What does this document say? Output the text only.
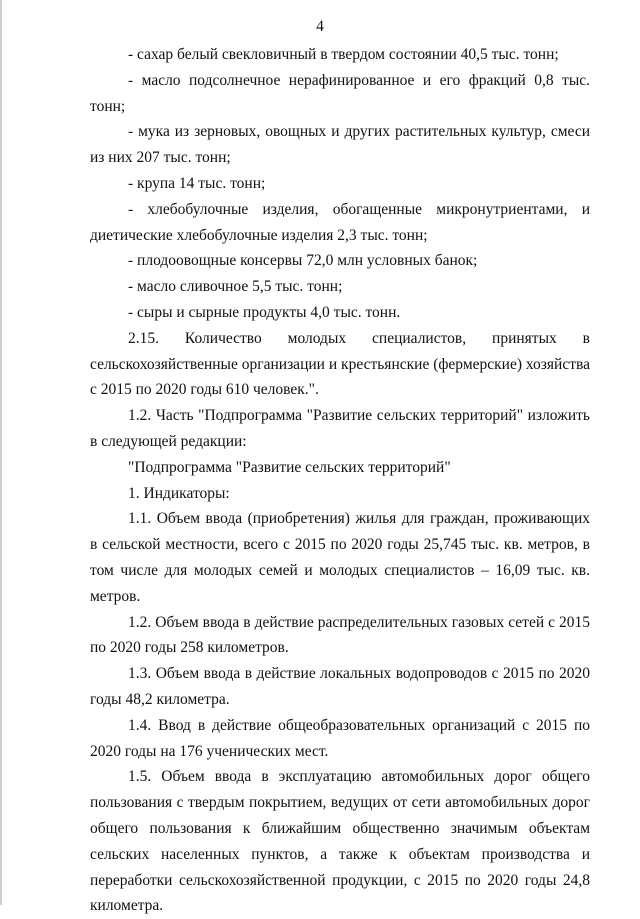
4

- сахар белый свекловичный в твердом состоянии 40,5 тыс. тонн;

- масло подсолнечное нерафинированное и его фракций 0,8 тыс. тонн;

- мука из зерновых, овощных и других растительных культур, смеси из них 207 тыс. тонн;

- крупа 14 тыс. тонн;

- хлебобулочные изделия, обогащенные микронутриентами, и диетические хлебобулочные изделия 2,3 тыс. тонн;

- плодоовощные консервы 72,0 млн условных банок;

- масло сливочное 5,5 тыс. тонн;

- сыры и сырные продукты 4,0 тыс. тонн.

2.15. Количество молодых специалистов, принятых в сельскохозяйственные организации и крестьянские (фермерские) хозяйства с 2015 по 2020 годы 610 человек.".

1.2. Часть "Подпрограмма "Развитие сельских территорий" изложить в следующей редакции:

"Подпрограмма "Развитие сельских территорий"

1. Индикаторы:

1.1. Объем ввода (приобретения) жилья для граждан, проживающих в сельской местности, всего с 2015 по 2020 годы 25,745 тыс. кв. метров, в том числе для молодых семей и молодых специалистов – 16,09 тыс. кв. метров.

1.2. Объем ввода в действие распределительных газовых сетей с 2015 по 2020 годы 258 километров.

1.3. Объем ввода в действие локальных водопроводов с 2015 по 2020 годы 48,2 километра.

1.4. Ввод в действие общеобразовательных организаций с 2015 по 2020 годы на 176 ученических мест.

1.5. Объем ввода в эксплуатацию автомобильных дорог общего пользования с твердым покрытием, ведущих от сети автомобильных дорог общего пользования к ближайшим общественно значимым объектам сельских населенных пунктов, а также к объектам производства и переработки сельскохозяйственной продукции, с 2015 по 2020 годы 24,8 километра.
